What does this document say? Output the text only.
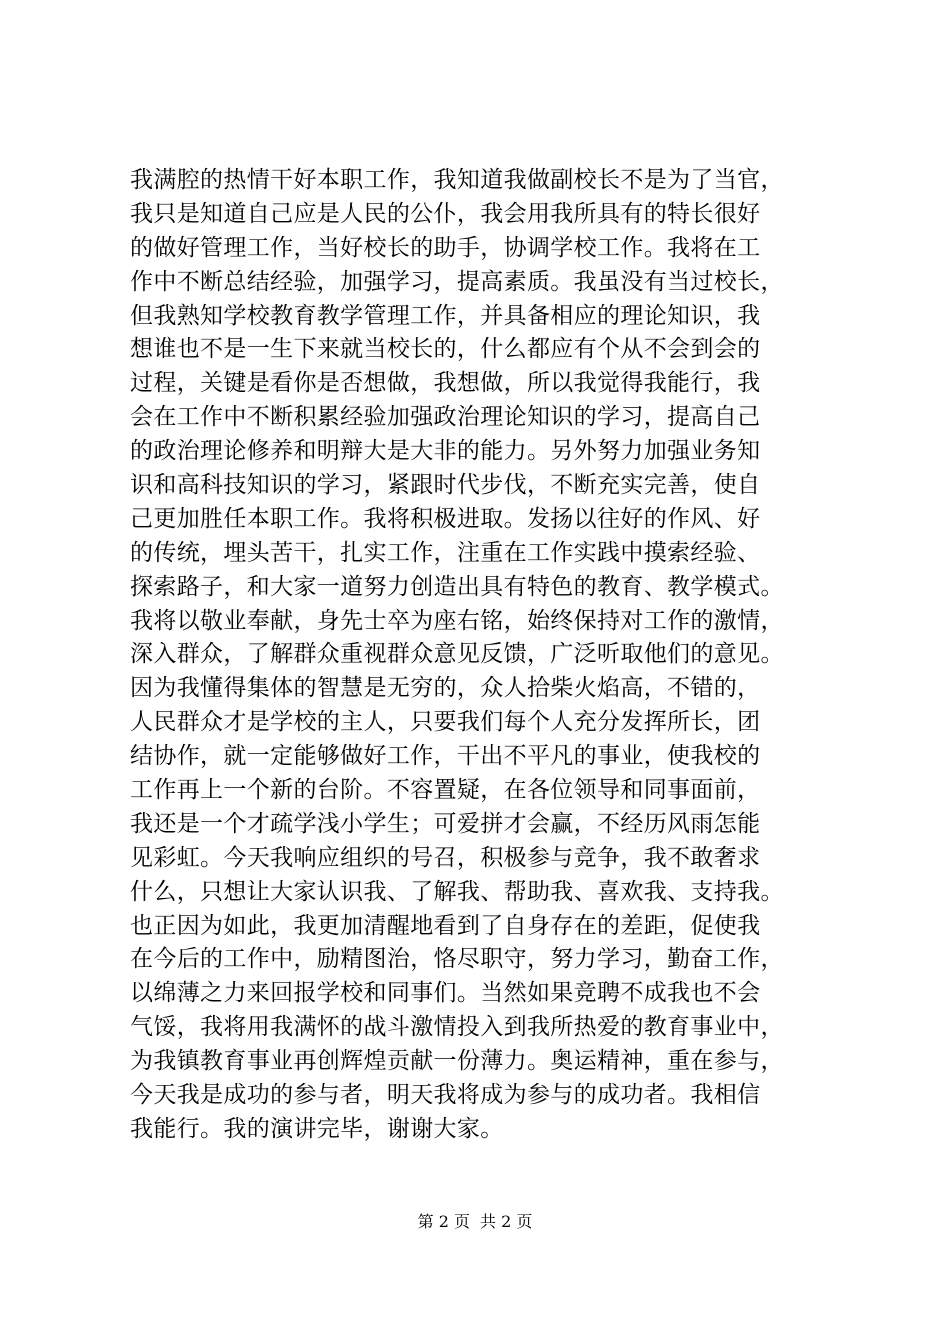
我满腔的热情干好本职工作，我知道我做副校长不是为了当官，
我只是知道自己应是人民的公仆，我会用我所具有的特长很好
的做好管理工作，当好校长的助手，协调学校工作。我将在工
作中不断总结经验，加强学习，提高素质。我虽没有当过校长，
但我熟知学校教育教学管理工作，并具备相应的理论知识，我
想谁也不是一生下来就当校长的，什么都应有个从不会到会的
过程，关键是看你是否想做，我想做，所以我觉得我能行，我
会在工作中不断积累经验加强政治理论知识的学习，提高自己
的政治理论修养和明辩大是大非的能力。另外努力加强业务知
识和高科技知识的学习，紧跟时代步伐，不断充实完善，使自
己更加胜任本职工作。我将积极进取。发扬以往好的作风、好
的传统，埋头苦干，扎实工作，注重在工作实践中摸索经验、
探索路子，和大家一道努力创造出具有特色的教育、教学模式。
我将以敬业奉献，身先士卒为座右铭，始终保持对工作的激情，
深入群众，了解群众重视群众意见反馈，广泛听取他们的意见。
因为我懂得集体的智慧是无穷的，众人拾柴火焰高，不错的，
人民群众才是学校的主人，只要我们每个人充分发挥所长，团
结协作，就一定能够做好工作，干出不平凡的事业，使我校的
工作再上一个新的台阶。不容置疑，在各位领导和同事面前，
我还是一个才疏学浅小学生；可爱拼才会赢，不经历风雨怎能
见彩虹。今天我响应组织的号召，积极参与竞争，我不敢奢求
什么，只想让大家认识我、了解我、帮助我、喜欢我、支持我。
也正因为如此，我更加清醒地看到了自身存在的差距，促使我
在今后的工作中，励精图治，恪尽职守，努力学习，勤奋工作，
以绵薄之力来回报学校和同事们。当然如果竞聘不成我也不会
气馁，我将用我满怀的战斗激情投入到我所热爱的教育事业中，
为我镇教育事业再创辉煌贡献一份薄力。奥运精神，重在参与，
今天我是成功的参与者，明天我将成为参与的成功者。我相信
我能行。我的演讲完毕，谢谢大家。
第 2 页 共 2 页
